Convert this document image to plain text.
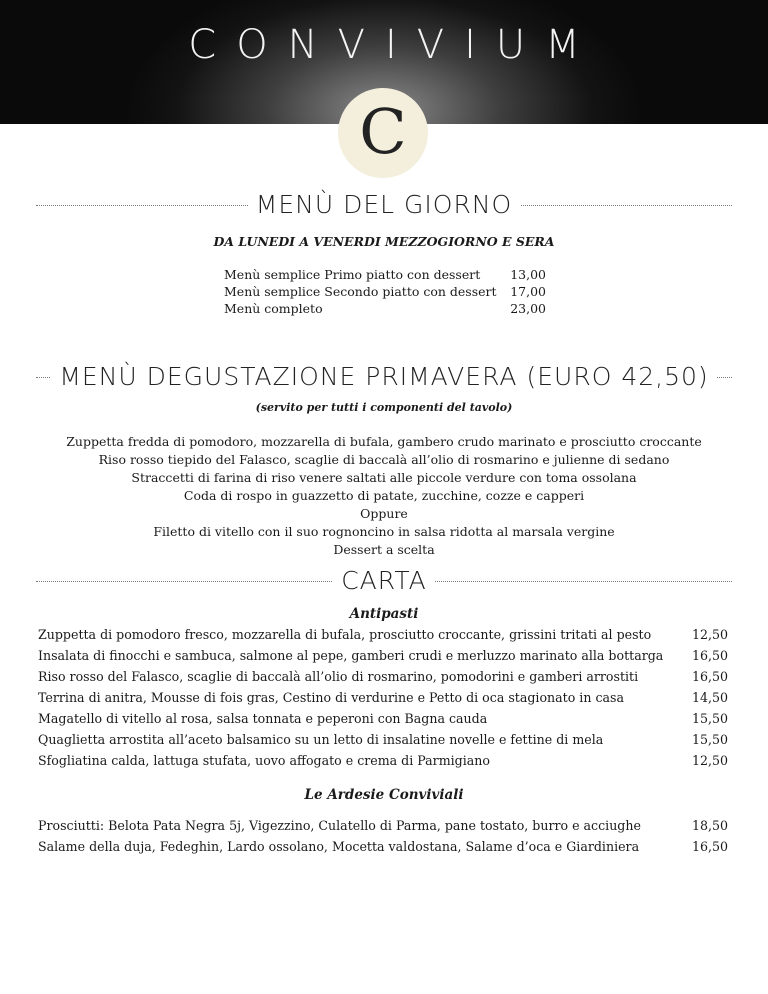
CONVIVIUM
C
MENÙ DEL GIORNO
DA LUNEDI A VENERDI MEZZOGIORNO E SERA
Menù semplice Primo piatto con dessert 13,00
Menù semplice Secondo piatto con dessert 17,00
Menù completo	23,00
MENÙ DEGUSTAZIONE PRIMAVERA (EURO 42,50)
(servito per tutti i componenti del tavolo)
Zuppetta fredda di pomodoro, mozzarella di bufala, gambero crudo marinato e prosciutto croccante
Riso rosso tiepido del Falasco, scaglie di baccalà all’olio di rosmarino e julienne di sedano
Straccetti di farina di riso venere saltati alle piccole verdure con toma ossolana
Coda di rospo in guazzetto di patate, zucchine, cozze e capperi
Oppure
Filetto di vitello con il suo rognoncino in salsa ridotta al marsala vergine
Dessert a scelta
CARTA
Antipasti
Zuppetta di pomodoro fresco, mozzarella di bufala, prosciutto croccante, grissini tritati al pesto	12,50
Insalata di finocchi e sambuca, salmone al pepe, gamberi crudi e merluzzo marinato alla bottarga	16,50
Riso rosso del Falasco, scaglie di baccalà all’olio di rosmarino, pomodorini e gamberi arrostiti	16,50
Terrina di anitra, Mousse di fois gras, Cestino di verdurine e Petto di oca stagionato in casa	14,50
Magatello di vitello al rosa, salsa tonnata e peperoni con Bagna cauda	15,50
Quaglietta arrostita all’aceto balsamico su un letto di insalatine novelle e fettine di mela	15,50
Sfogliatina calda, lattuga stufata, uovo affogato e crema di Parmigiano	12,50
Le Ardesie Conviviali
Prosciutti: Belota Pata Negra 5j, Vigezzino, Culatello di Parma, pane tostato, burro e acciughe	18,50
Salame della duja, Fedeghin, Lardo ossolano, Mocetta valdostana, Salame d’oca e Giardiniera	16,50
